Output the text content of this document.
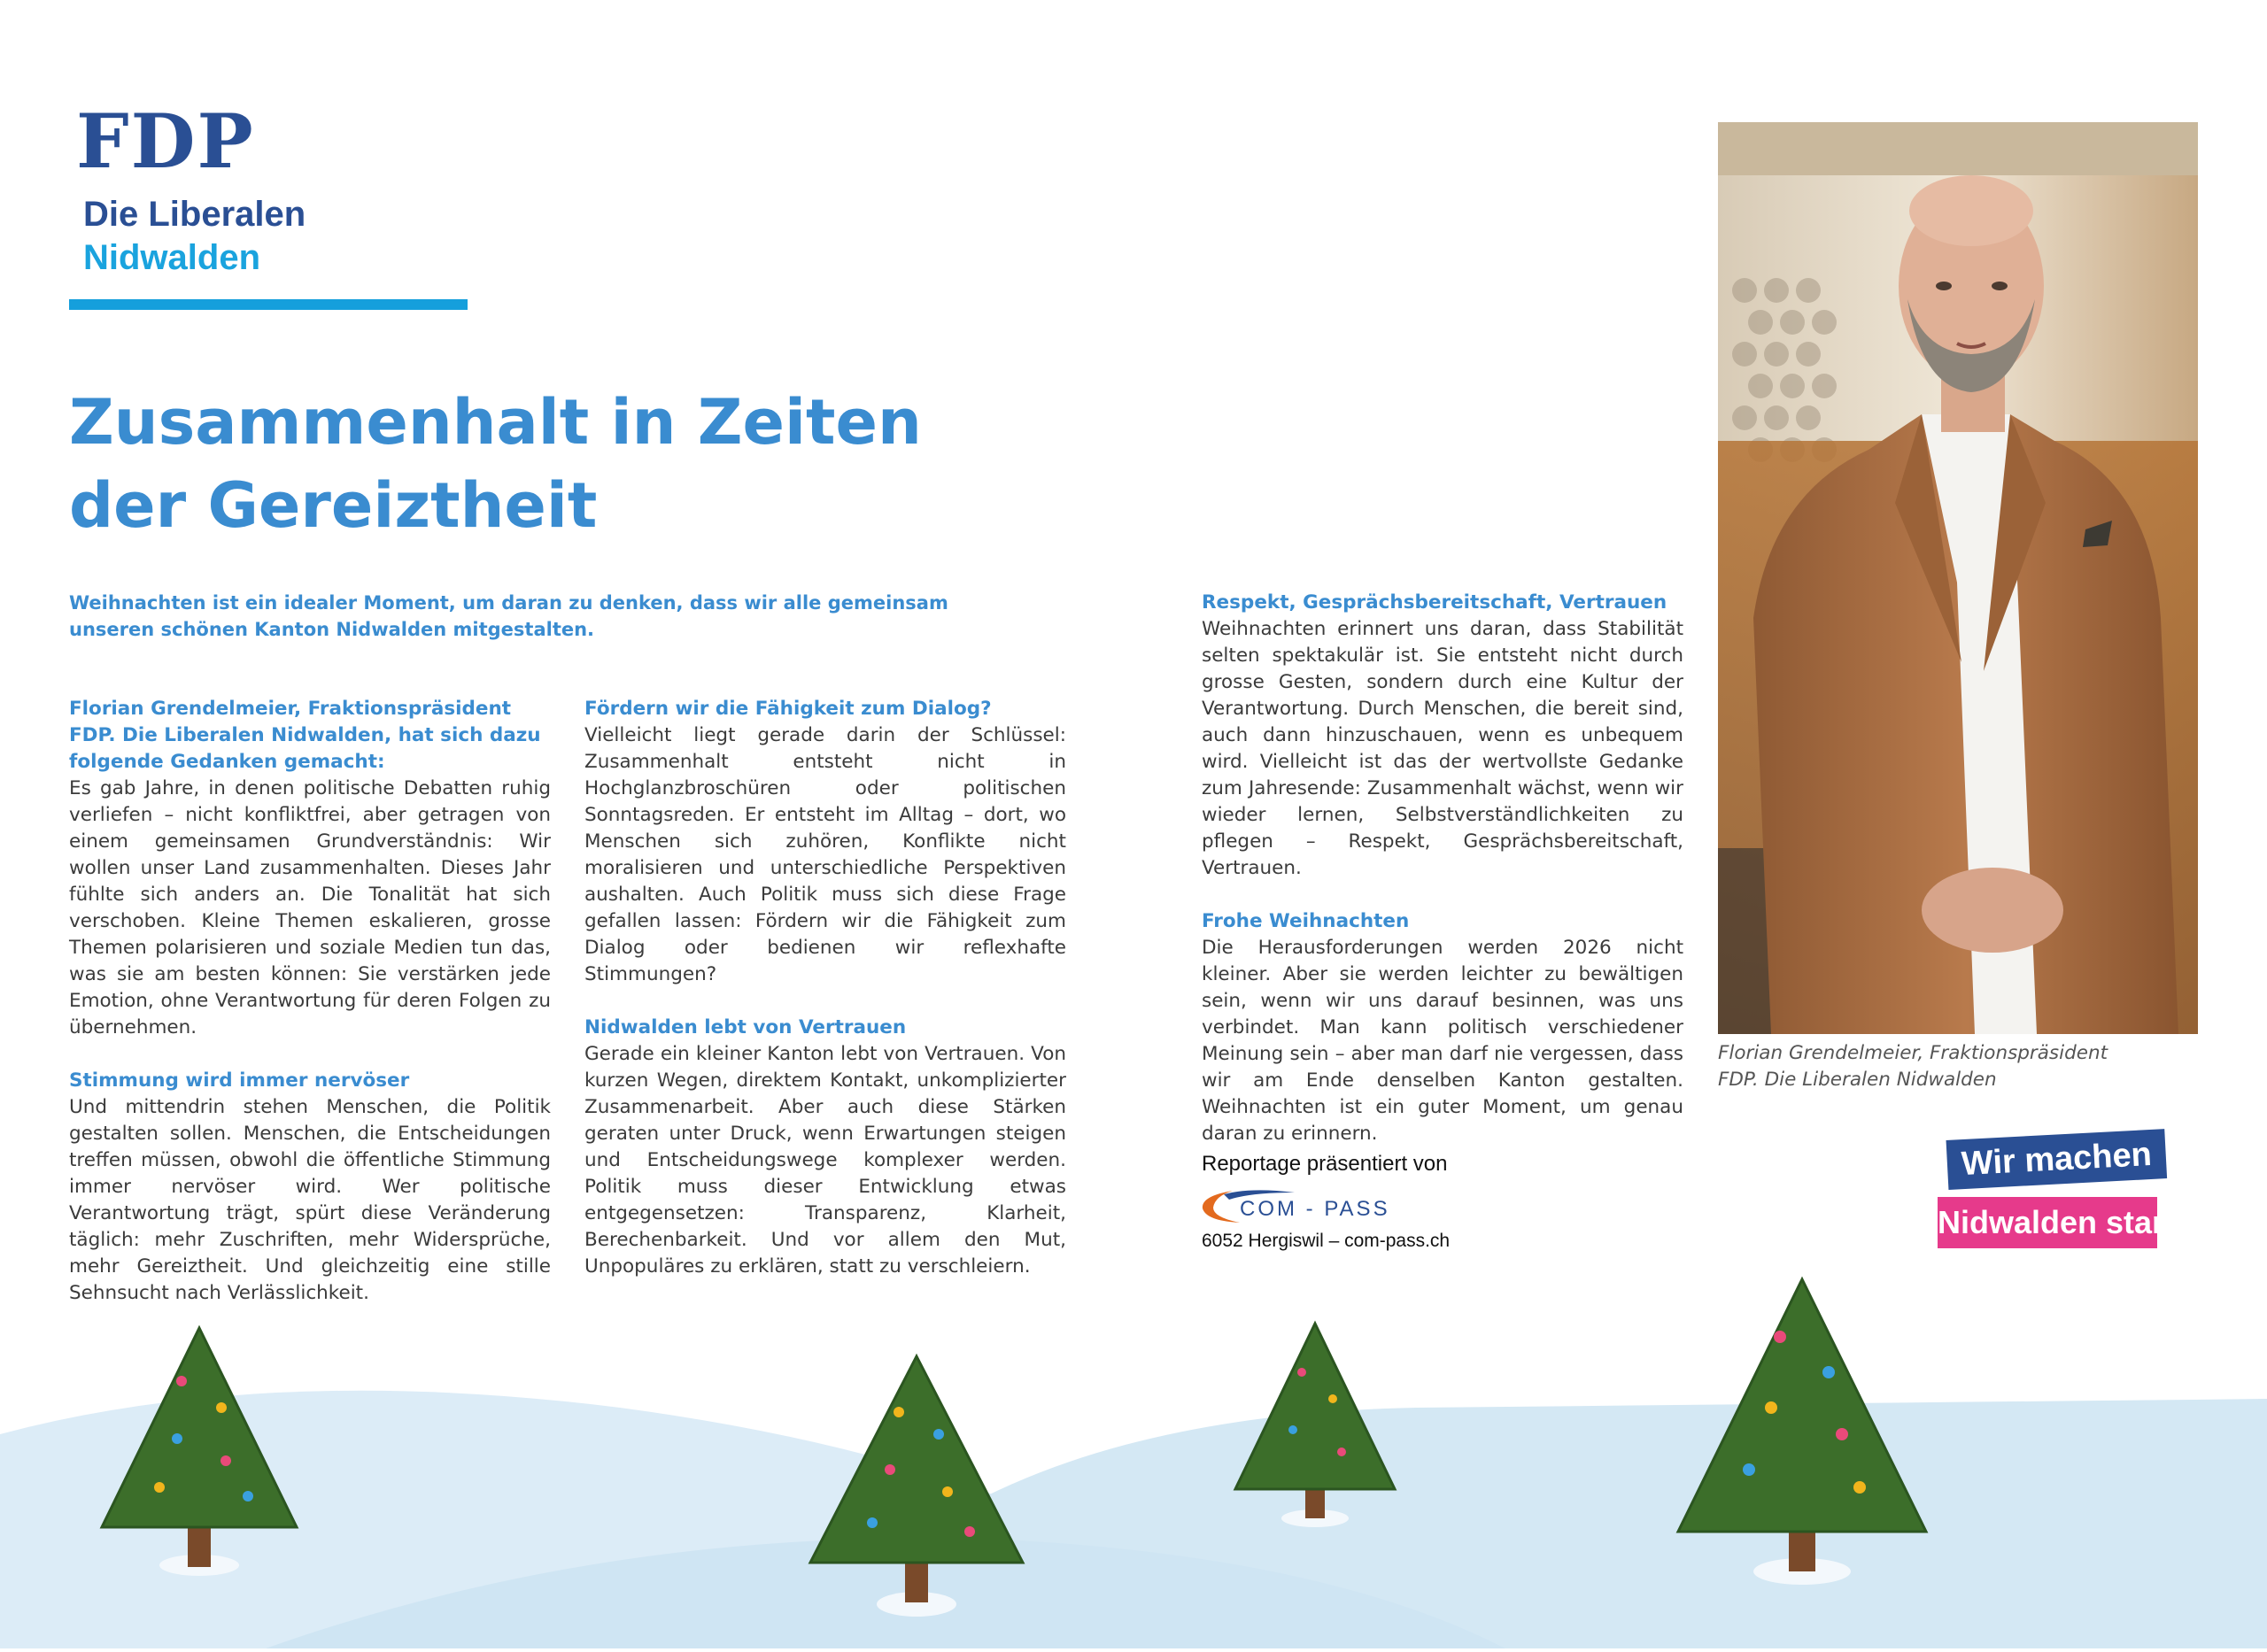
FDP
Die Liberalen
Nidwalden
Zusammenhalt in Zeiten
der Gereiztheit
Weihnachten ist ein idealer Moment, um daran zu denken, dass wir alle gemeinsam
unseren schönen Kanton Nidwalden mitgestalten.
Florian Grendelmeier, Fraktionspräsident
FDP. Die Liberalen Nidwalden, hat sich dazu
folgende Gedanken gemacht:

Es gab Jahre, in denen politische Debatten ruhig verliefen – nicht konfliktfrei, aber getragen von einem gemeinsamen Grundverständnis: Wir wollen unser Land zusammenhalten. Dieses Jahr fühlte sich anders an. Die Tonalität hat sich verschoben. Kleine Themen eskalieren, grosse Themen polarisieren und soziale Medien tun das, was sie am besten können: Sie verstärken jede Emotion, ohne Verantwortung für deren Folgen zu übernehmen.

Stimmung wird immer nervöser

Und mittendrin stehen Menschen, die Politik gestalten sollen. Menschen, die Entscheidungen treffen müssen, obwohl die öffentliche Stimmung immer nervöser wird. Wer politische Verantwortung trägt, spürt diese Veränderung täglich: mehr Zuschriften, mehr Widersprüche, mehr Gereiztheit. Und gleichzeitig eine stille Sehnsucht nach Verlässlichkeit.

Fördern wir die Fähigkeit zum Dialog?

Vielleicht liegt gerade darin der Schlüssel: Zusammenhalt entsteht nicht in Hochglanzbroschüren oder politischen Sonntagsreden. Er entsteht im Alltag – dort, wo Menschen sich zuhören, Konflikte nicht moralisieren und unterschiedliche Perspektiven aushalten. Auch Politik muss sich diese Frage gefallen lassen: Fördern wir die Fähigkeit zum Dialog oder bedienen wir reflexhafte Stimmungen?

Nidwalden lebt von Vertrauen

Gerade ein kleiner Kanton lebt von Vertrauen. Von kurzen Wegen, direktem Kontakt, unkomplizierter Zusammenarbeit. Aber auch diese Stärken geraten unter Druck, wenn Erwartungen steigen und Entscheidungswege komplexer werden. Politik muss dieser Entwicklung etwas entgegensetzen: Transparenz, Klarheit, Berechenbarkeit. Und vor allem den Mut, Unpopuläres zu erklären, statt zu verschleiern.

Respekt, Gesprächsbereitschaft, Vertrauen

Weihnachten erinnert uns daran, dass Stabilität selten spektakulär ist. Sie entsteht nicht durch grosse Gesten, sondern durch eine Kultur der Verantwortung. Durch Menschen, die bereit sind, auch dann hinzuschauen, wenn es unbequem wird. Vielleicht ist das der wertvollste Gedanke zum Jahresende: Zusammenhalt wächst, wenn wir wieder lernen, Selbstverständlichkeiten zu pflegen – Respekt, Gesprächsbereitschaft, Vertrauen.

Frohe Weihnachten

Die Herausforderungen werden 2026 nicht kleiner. Aber sie werden leichter zu bewältigen sein, wenn wir uns darauf besinnen, was uns verbindet. Man kann politisch verschiedener Meinung sein – aber man darf nie vergessen, dass wir am Ende denselben Kanton gestalten. Weihnachten ist ein guter Moment, um genau daran zu erinnern.

Florian Grendelmeier, Fraktionspräsident
FDP. Die Liberalen Nidwalden
Reportage präsentiert von
COM - PASS
6052 Hergiswil – com-pass.ch
Wir machen
Nidwalden stark!
